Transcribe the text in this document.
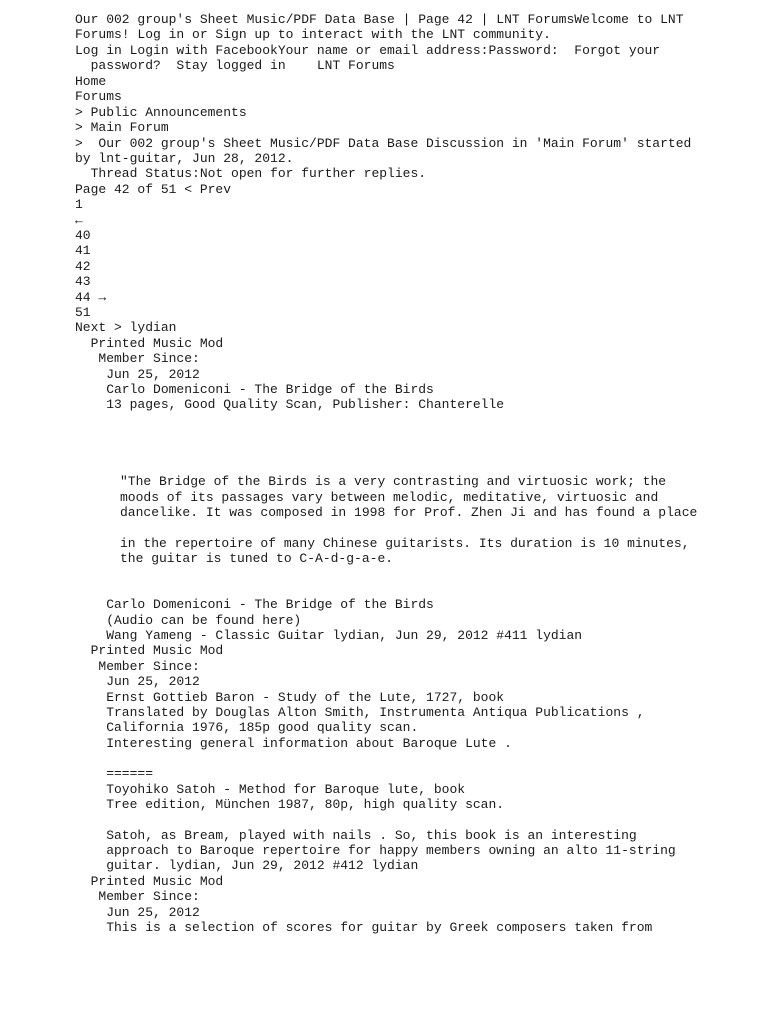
Our 002 group's Sheet Music/PDF Data Base | Page 42 | LNT ForumsWelcome to LNT
Forums! Log in or Sign up to interact with the LNT community.
Log in Login with FacebookYour name or email address:Password:  Forgot your
password?  Stay logged in    LNT Forums
Home
Forums
> Public Announcements
> Main Forum
>  Our 002 group's Sheet Music/PDF Data Base Discussion in 'Main Forum' started
by lnt-guitar, Jun 28, 2012.
Thread Status:Not open for further replies.
Page 42 of 51 < Prev
1
←
40
41
42
43
44 →
51
Next > lydian
Printed Music Mod
Member Since:
Jun 25, 2012
Carlo Domeniconi - The Bridge of the Birds
13 pages, Good Quality Scan, Publisher: Chanterelle
"The Bridge of the Birds is a very contrasting and virtuosic work; the
moods of its passages vary between melodic, meditative, virtuosic and
dancelike. It was composed in 1998 for Prof. Zhen Ji and has found a place
in the repertoire of many Chinese guitarists. Its duration is 10 minutes,
the guitar is tuned to C-A-d-g-a-e.
Carlo Domeniconi - The Bridge of the Birds
(Audio can be found here)
Wang Yameng - Classic Guitar lydian, Jun 29, 2012 #411 lydian
Printed Music Mod
Member Since:
Jun 25, 2012
Ernst Gottieb Baron - Study of the Lute, 1727, book
Translated by Douglas Alton Smith, Instrumenta Antiqua Publications ,
California 1976, 185p good quality scan.
Interesting general information about Baroque Lute .
======
Toyohiko Satoh - Method for Baroque lute, book
Tree edition, München 1987, 80p, high quality scan.
Satoh, as Bream, played with nails . So, this book is an interesting
approach to Baroque repertoire for happy members owning an alto 11-string
guitar. lydian, Jun 29, 2012 #412 lydian
Printed Music Mod
Member Since:
Jun 25, 2012
This is a selection of scores for guitar by Greek composers taken from
